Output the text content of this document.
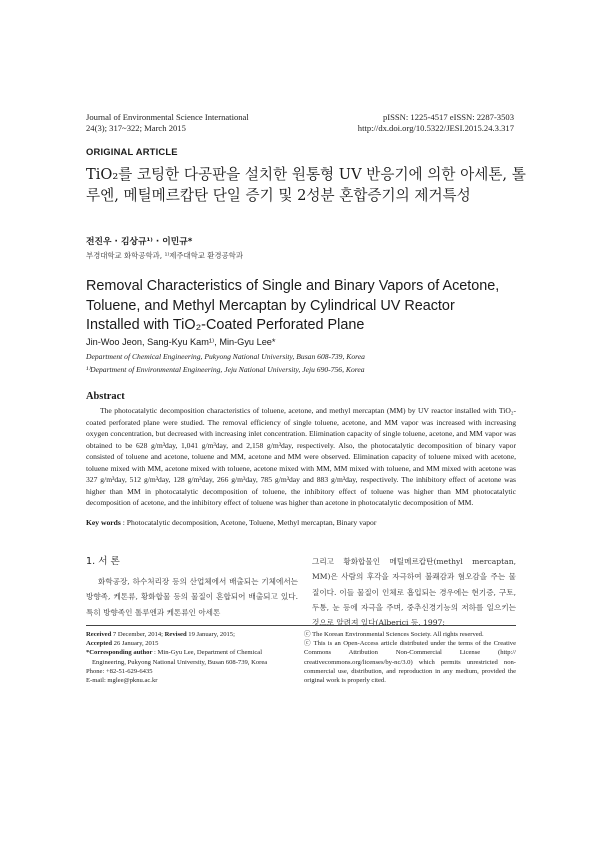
Journal of Environmental Science International
24(3); 317~322; March 2015
pISSN: 1225-4517 eISSN: 2287-3503
http://dx.doi.org/10.5322/JESI.2015.24.3.317
ORIGINAL ARTICLE
TiO₂를 코팅한 다공판을 설치한 원통형 UV 반응기에 의한 아세톤, 톨루엔, 메틸메르캅탄 단일 증기 및 2성분 혼합증기의 제거특성
전진우 · 김상규¹⁾ · 이민규*
부경대학교 화학공학과, ¹⁾제주대학교 환경공학과
Removal Characteristics of Single and Binary Vapors of Acetone,
Toluene, and Methyl Mercaptan by Cylindrical UV Reactor
Installed with TiO₂-Coated Perforated Plane
Jin-Woo Jeon, Sang-Kyu Kam¹⁾, Min-Gyu Lee*
Department of Chemical Engineering, Pukyong National University, Busan 608-739, Korea
¹⁾Department of Environmental Engineering, Jeju National University, Jeju 690-756, Korea
Abstract
The photocatalytic decomposition characteristics of toluene, acetone, and methyl mercaptan (MM) by UV reactor installed with TiO₂-coated perforated plane were studied. The removal efficiency of single toluene, acetone, and MM vapor was increased with increasing oxygen concentration, but decreased with increasing inlet concentration. Elimination capacity of single toluene, acetone, and MM vapor was obtained to be 628 g/m³day, 1,041 g/m³day, and 2,158 g/m³day, respectively. Also, the photocatalytic decomposition of binary vapor consisted of toluene and acetone, toluene and MM, acetone and MM were observed. Elimination capacity of toluene mixed with acetone, toluene mixed with MM, acetone mixed with toluene, acetone mixed with MM, MM mixed with toluene, and MM mixed with acetone was 327 g/m³day, 512 g/m³day, 128 g/m³day, 266 g/m³day, 785 g/m³day and 883 g/m³day, respectively. The inhibitory effect of acetone was higher than MM in photocatalytic decomposition of toluene, the inhibitory effect of toluene was higher than MM photocatalytic decomposition of acetone, and the inhibitory effect of toluene was higher than acetone in photocatalytic decomposition of MM.
Key words : Photocatalytic decomposition, Acetone, Toluene, Methyl mercaptan, Binary vapor
1. 서 론
화학공장, 하수처리장 등의 산업체에서 배출되는 기체에서는 방향족, 케톤류, 황화합물 등의 물질이 혼합되어 배출되고 있다. 특히 방향족인 톨루엔과 케톤류인 아세톤
그리고 황화합물인 메틸메르캅탄(methyl mercaptan, MM)은 사람의 후각을 자극하여 불쾌감과 혐오감을 주는 물질이다. 이들 물질이 인체로 흡입되는 경우에는 현기증, 구토, 두통, 눈 등에 자극을 주며, 중추신경기능의 저하를 일으키는 것으로 알려져 있다(Alberici 등, 1997;
Received 7 December, 2014; Revised 19 January, 2015;
Accepted 26 January, 2015
*Corresponding author : Min-Gyu Lee, Department of Chemical
Engineering, Pukyong National University, Busan 608-739, Korea
Phone: +82-51-629-6435
E-mail: mglee@pknu.ac.kr
ⓒ The Korean Environmental Sciences Society. All rights reserved.
ⓒ This is an Open-Access article distributed under the terms of the Creative Commons Attribution Non-Commercial License (http:// creativecommons.org/licenses/by-nc/3.0) which permits unrestricted non-commercial use, distribution, and reproduction in any medium, provided the original work is properly cited.
